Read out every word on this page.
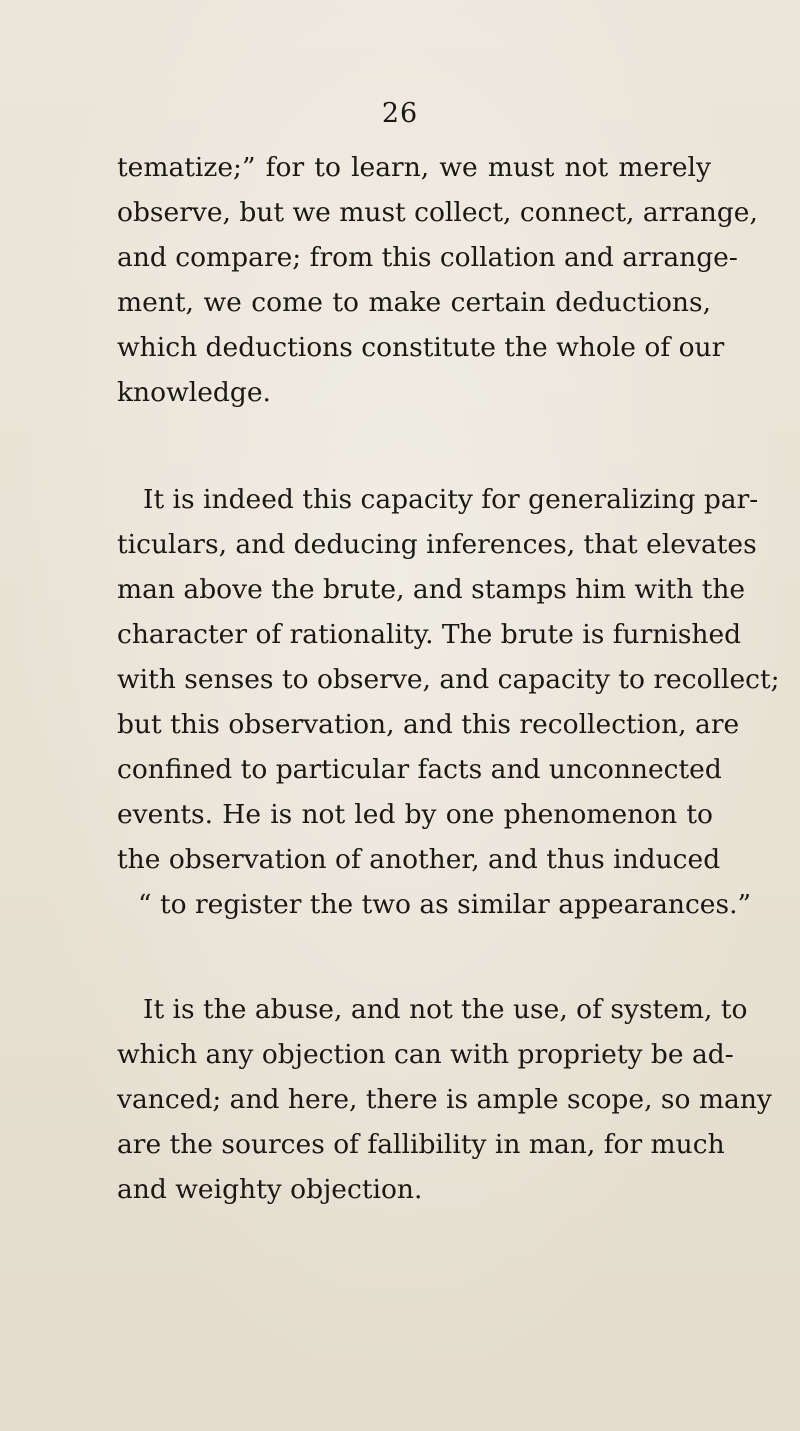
26
tematize;” for to learn, we must not merely
observe, but we must collect, connect, arrange,
and compare; from this collation and arrange-
ment, we come to make certain deductions,
which deductions constitute the whole of our
knowledge.
It is indeed this capacity for generalizing par-
ticulars, and deducing inferences, that elevates
man above the brute, and stamps him with the
character of rationality. The brute is furnished
with senses to observe, and capacity to recollect;
but this observation, and this recollection, are
confined to particular facts and unconnected
events. He is not led by one phenomenon to
the observation of another, and thus induced
“ to register the two as similar appearances.”
It is the abuse, and not the use, of system, to
which any objection can with propriety be ad-
vanced; and here, there is ample scope, so many
are the sources of fallibility in man, for much
and weighty objection.
